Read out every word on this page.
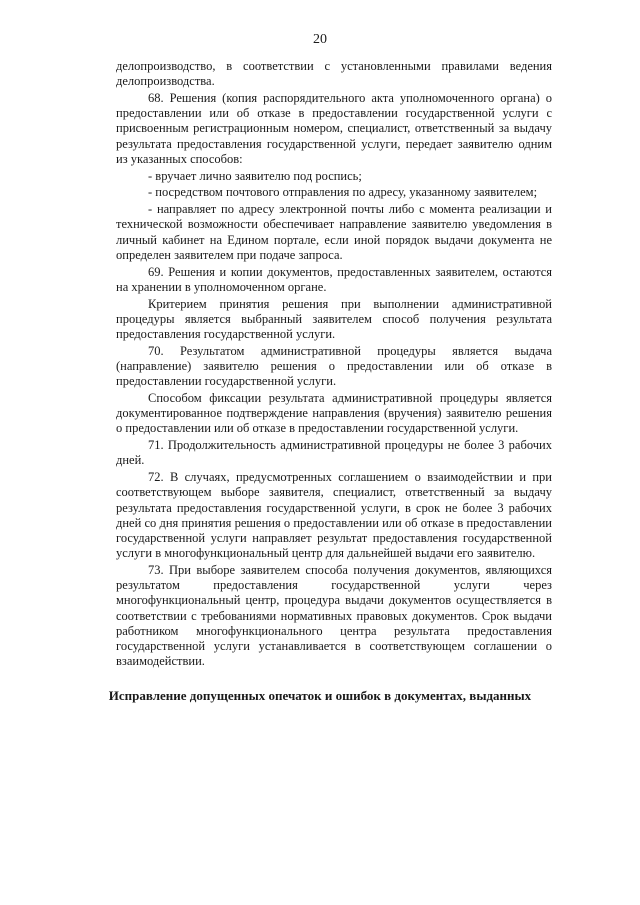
20

делопроизводство, в соответствии с установленными правилами ведения делопроизводства.

68. Решения (копия распорядительного акта уполномоченного органа) о предоставлении или об отказе в предоставлении государственной услуги с присвоенным регистрационным номером, специалист, ответственный за выдачу результата предоставления государственной услуги, передает заявителю одним из указанных способов:

- вручает лично заявителю под роспись;

- посредством почтового отправления по адресу, указанному заявителем;

- направляет по адресу электронной почты либо с момента реализации и технической возможности обеспечивает направление заявителю уведомления в личный кабинет на Едином портале, если иной порядок выдачи документа не определен заявителем при подаче запроса.

69. Решения и копии документов, предоставленных заявителем, остаются на хранении в уполномоченном органе.

Критерием принятия решения при выполнении административной процедуры является выбранный заявителем способ получения результата предоставления государственной услуги.

70. Результатом административной процедуры является выдача (направление) заявителю решения о предоставлении или об отказе в предоставлении государственной услуги.

Способом фиксации результата административной процедуры является документированное подтверждение направления (вручения) заявителю решения о предоставлении или об отказе в предоставлении государственной услуги.

71. Продолжительность административной процедуры не более 3 рабочих дней.

72. В случаях, предусмотренных соглашением о взаимодействии и при соответствующем выборе заявителя, специалист, ответственный за выдачу результата предоставления государственной услуги, в срок не более 3 рабочих дней со дня принятия решения о предоставлении или об отказе в предоставлении государственной услуги направляет результат предоставления государственной услуги в многофункциональный центр для дальнейшей выдачи его заявителю.

73. При выборе заявителем способа получения документов, являющихся результатом предоставления государственной услуги через многофункциональный центр, процедура выдачи документов осуществляется в соответствии с требованиями нормативных правовых документов. Срок выдачи работником многофункционального центра результата предоставления государственной услуги устанавливается в соответствующем соглашении о взаимодействии.

Исправление допущенных опечаток и ошибок в документах, выданных
